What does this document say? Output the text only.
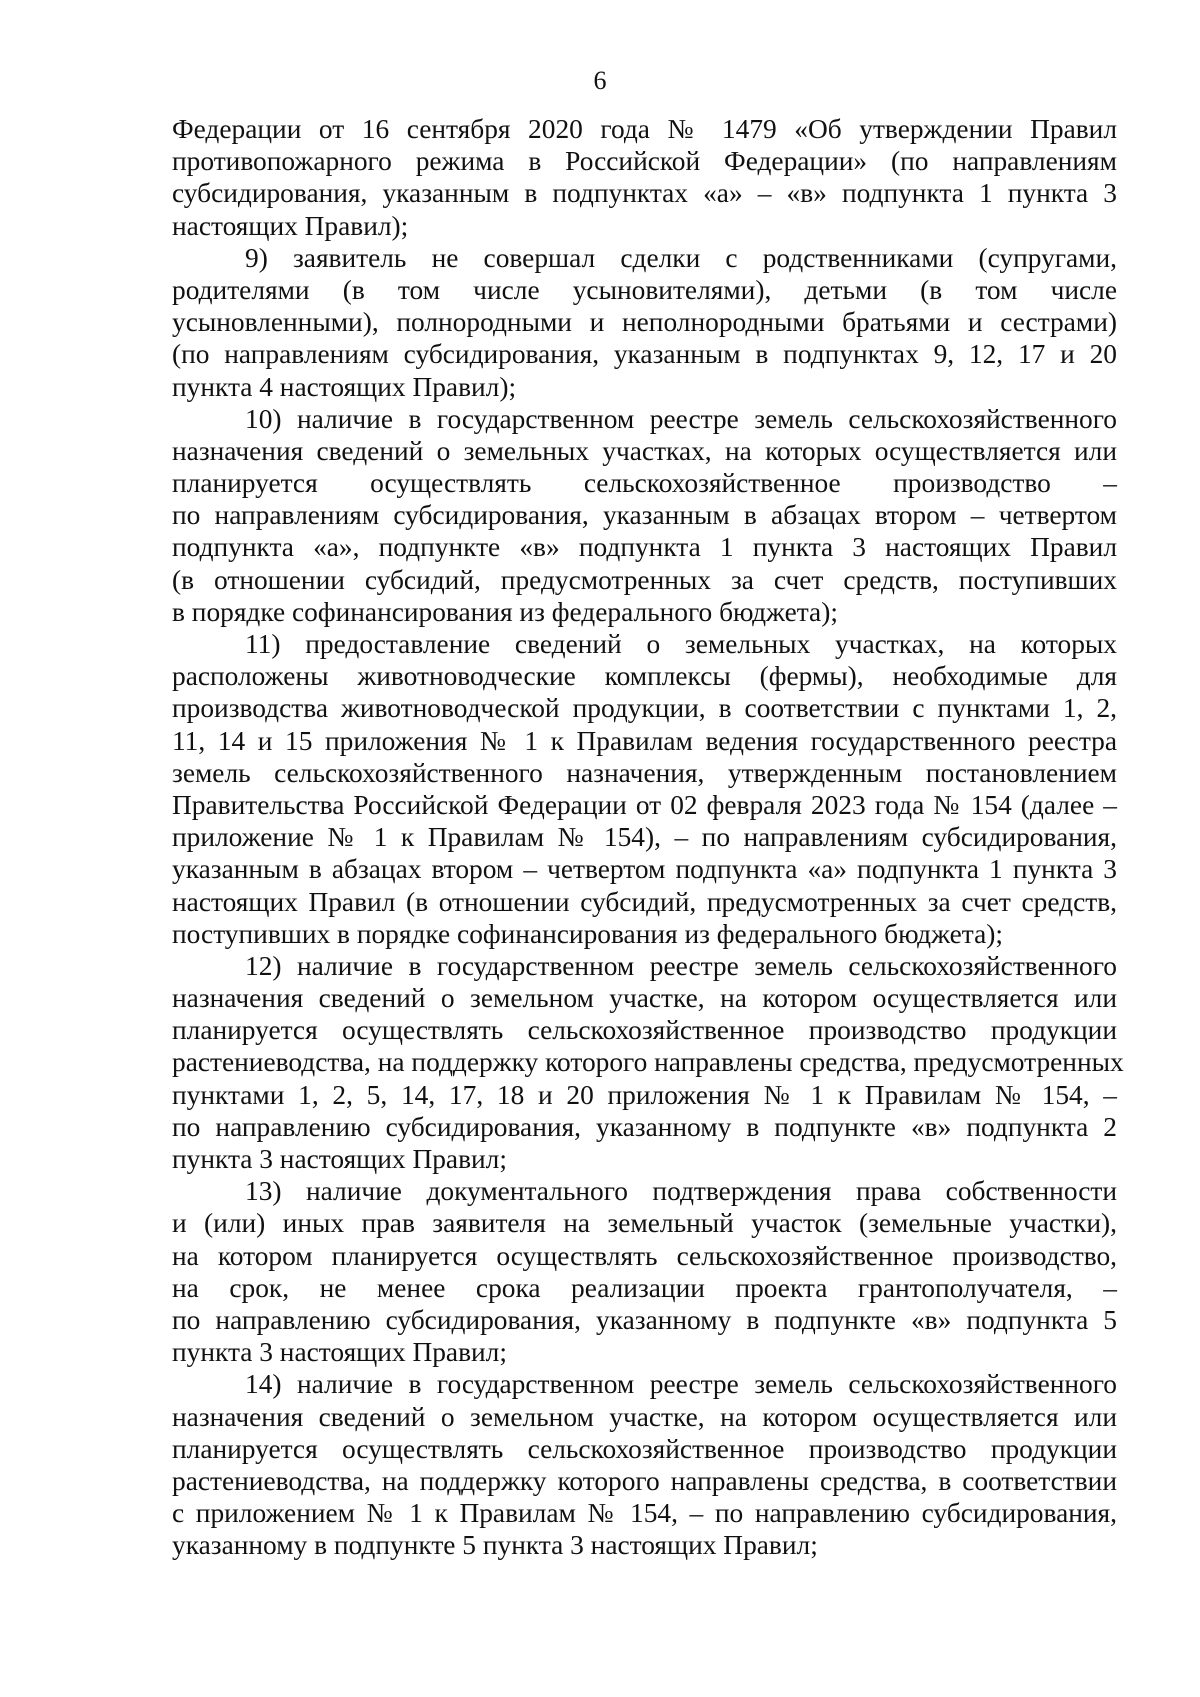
6
Федерации от 16 сентября 2020 года № 1479 «Об утверждении Правил
противопожарного режима в Российской Федерации» (по направлениям
субсидирования, указанным в подпунктах «а» – «в» подпункта 1 пункта 3
настоящих Правил);
9) заявитель не совершал сделки с родственниками (супругами,
родителями (в том числе усыновителями), детьми (в том числе
усыновленными), полнородными и неполнородными братьями и сестрами)
(по направлениям субсидирования, указанным в подпунктах 9, 12, 17 и 20
пункта 4 настоящих Правил);
10) наличие в государственном реестре земель сельскохозяйственного
назначения сведений о земельных участках, на которых осуществляется или
планируется осуществлять сельскохозяйственное производство –
по направлениям субсидирования, указанным в абзацах втором – четвертом
подпункта «а», подпункте «в» подпункта 1 пункта 3 настоящих Правил
(в отношении субсидий, предусмотренных за счет средств, поступивших
в порядке софинансирования из федерального бюджета);
11) предоставление сведений о земельных участках, на которых
расположены животноводческие комплексы (фермы), необходимые для
производства животноводческой продукции, в соответствии с пунктами 1, 2,
11, 14 и 15 приложения № 1 к Правилам ведения государственного реестра
земель сельскохозяйственного назначения, утвержденным постановлением
Правительства Российской Федерации от 02 февраля 2023 года № 154 (далее –
приложение № 1 к Правилам № 154), – по направлениям субсидирования,
указанным в абзацах втором – четвертом подпункта «а» подпункта 1 пункта 3
настоящих Правил (в отношении субсидий, предусмотренных за счет средств,
поступивших в порядке софинансирования из федерального бюджета);
12) наличие в государственном реестре земель сельскохозяйственного
назначения сведений о земельном участке, на котором осуществляется или
планируется осуществлять сельскохозяйственное производство продукции
растениеводства, на поддержку которого направлены средства, предусмотренных
пунктами 1, 2, 5, 14, 17, 18 и 20 приложения № 1 к Правилам № 154, –
по направлению субсидирования, указанному в подпункте «в» подпункта 2
пункта 3 настоящих Правил;
13) наличие документального подтверждения права собственности
и (или) иных прав заявителя на земельный участок (земельные участки),
на котором планируется осуществлять сельскохозяйственное производство,
на срок, не менее срока реализации проекта грантополучателя, –
по направлению субсидирования, указанному в подпункте «в» подпункта 5
пункта 3 настоящих Правил;
14) наличие в государственном реестре земель сельскохозяйственного
назначения сведений о земельном участке, на котором осуществляется или
планируется осуществлять сельскохозяйственное производство продукции
растениеводства, на поддержку которого направлены средства, в соответствии
с приложением № 1 к Правилам № 154, – по направлению субсидирования,
указанному в подпункте 5 пункта 3 настоящих Правил;
